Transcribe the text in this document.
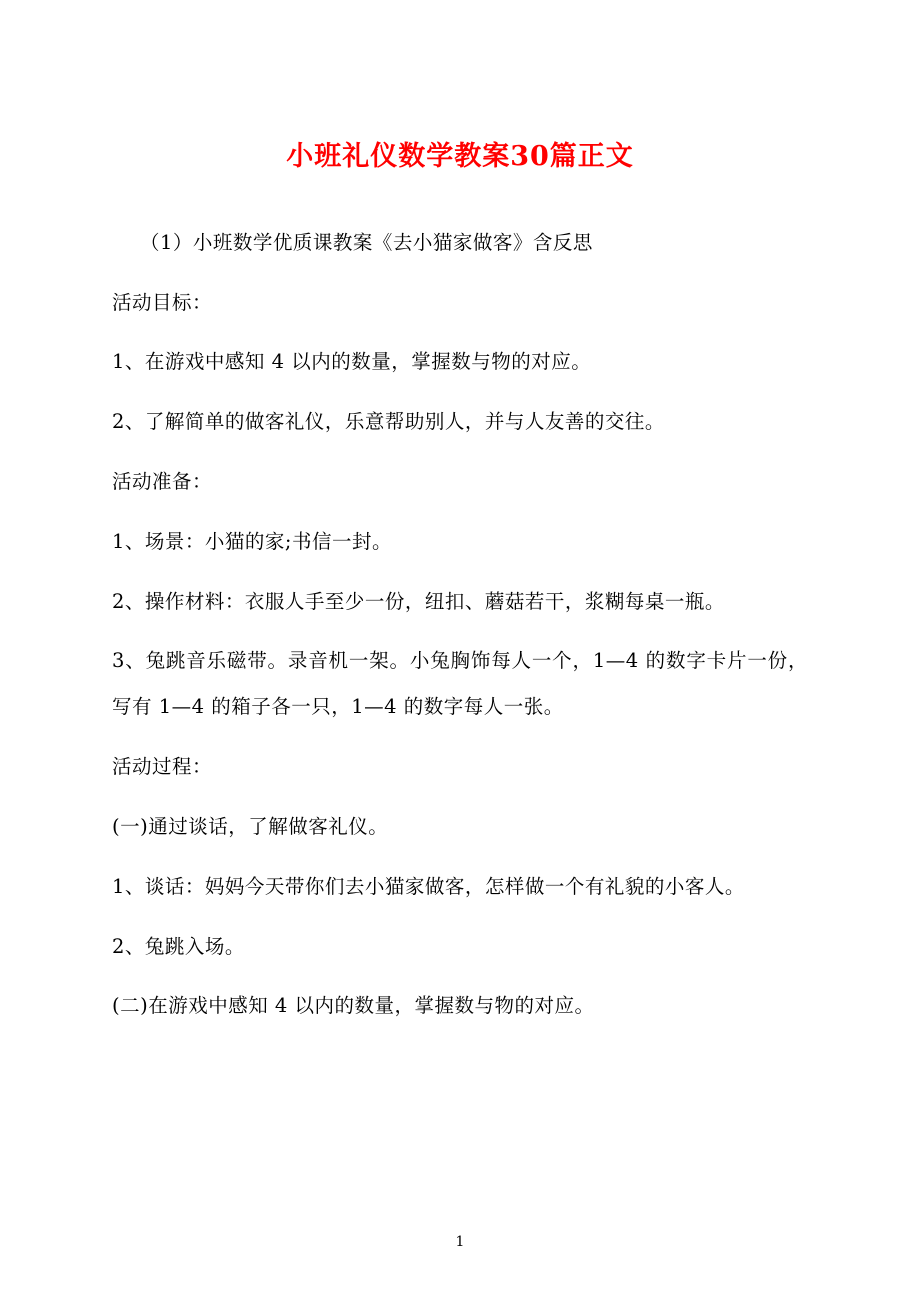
小班礼仪数学教案30篇正文

（1）小班数学优质课教案《去小猫家做客》含反思

活动目标：

1、在游戏中感知 4 以内的数量，掌握数与物的对应。

2、了解简单的做客礼仪，乐意帮助别人，并与人友善的交往。

活动准备：

1、场景：小猫的家;书信一封。

2、操作材料：衣服人手至少一份，纽扣、蘑菇若干，浆糊每桌一瓶。

3、兔跳音乐磁带。录音机一架。小兔胸饰每人一个，1—4 的数字卡片一份，写有 1—4 的箱子各一只，1—4 的数字每人一张。

活动过程：

(一)通过谈话，了解做客礼仪。

1、谈话：妈妈今天带你们去小猫家做客，怎样做一个有礼貌的小客人。

2、兔跳入场。

(二)在游戏中感知 4 以内的数量，掌握数与物的对应。

1
